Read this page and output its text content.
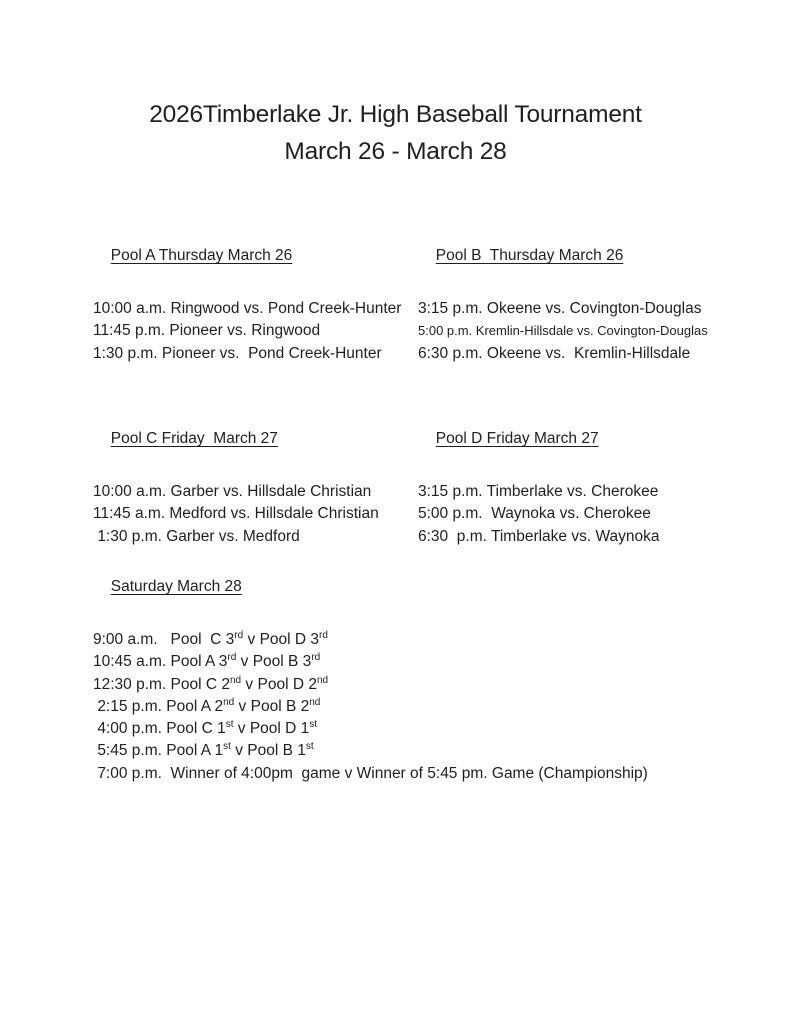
2026Timberlake Jr. High Baseball Tournament
March 26 - March 28

Pool A Thursday March 26

10:00 a.m. Ringwood vs. Pond Creek-Hunter
11:45 p.m. Pioneer vs. Ringwood
1:30 p.m. Pioneer vs.  Pond Creek-Hunter

Pool B  Thursday March 26

3:15 p.m. Okeene vs. Covington-Douglas
5:00 p.m. Kremlin-Hillsdale vs. Covington-Douglas
6:30 p.m. Okeene vs.  Kremlin-Hillsdale

Pool C Friday  March 27

10:00 a.m. Garber vs. Hillsdale Christian
11:45 a.m. Medford vs. Hillsdale Christian
1:30 p.m. Garber vs. Medford

Pool D Friday March 27

3:15 p.m. Timberlake vs. Cherokee
5:00 p.m.  Waynoka vs. Cherokee
6:30  p.m. Timberlake vs. Waynoka

Saturday March 28

9:00 a.m.   Pool  C 3rd v Pool D 3rd
10:45 a.m. Pool A 3rd v Pool B 3rd
12:30 p.m. Pool C 2nd v Pool D 2nd
2:15 p.m. Pool A 2nd v Pool B 2nd
4:00 p.m. Pool C 1st v Pool D 1st
5:45 p.m. Pool A 1st v Pool B 1st
7:00 p.m.  Winner of 4:00pm  game v Winner of 5:45 pm. Game (Championship)
